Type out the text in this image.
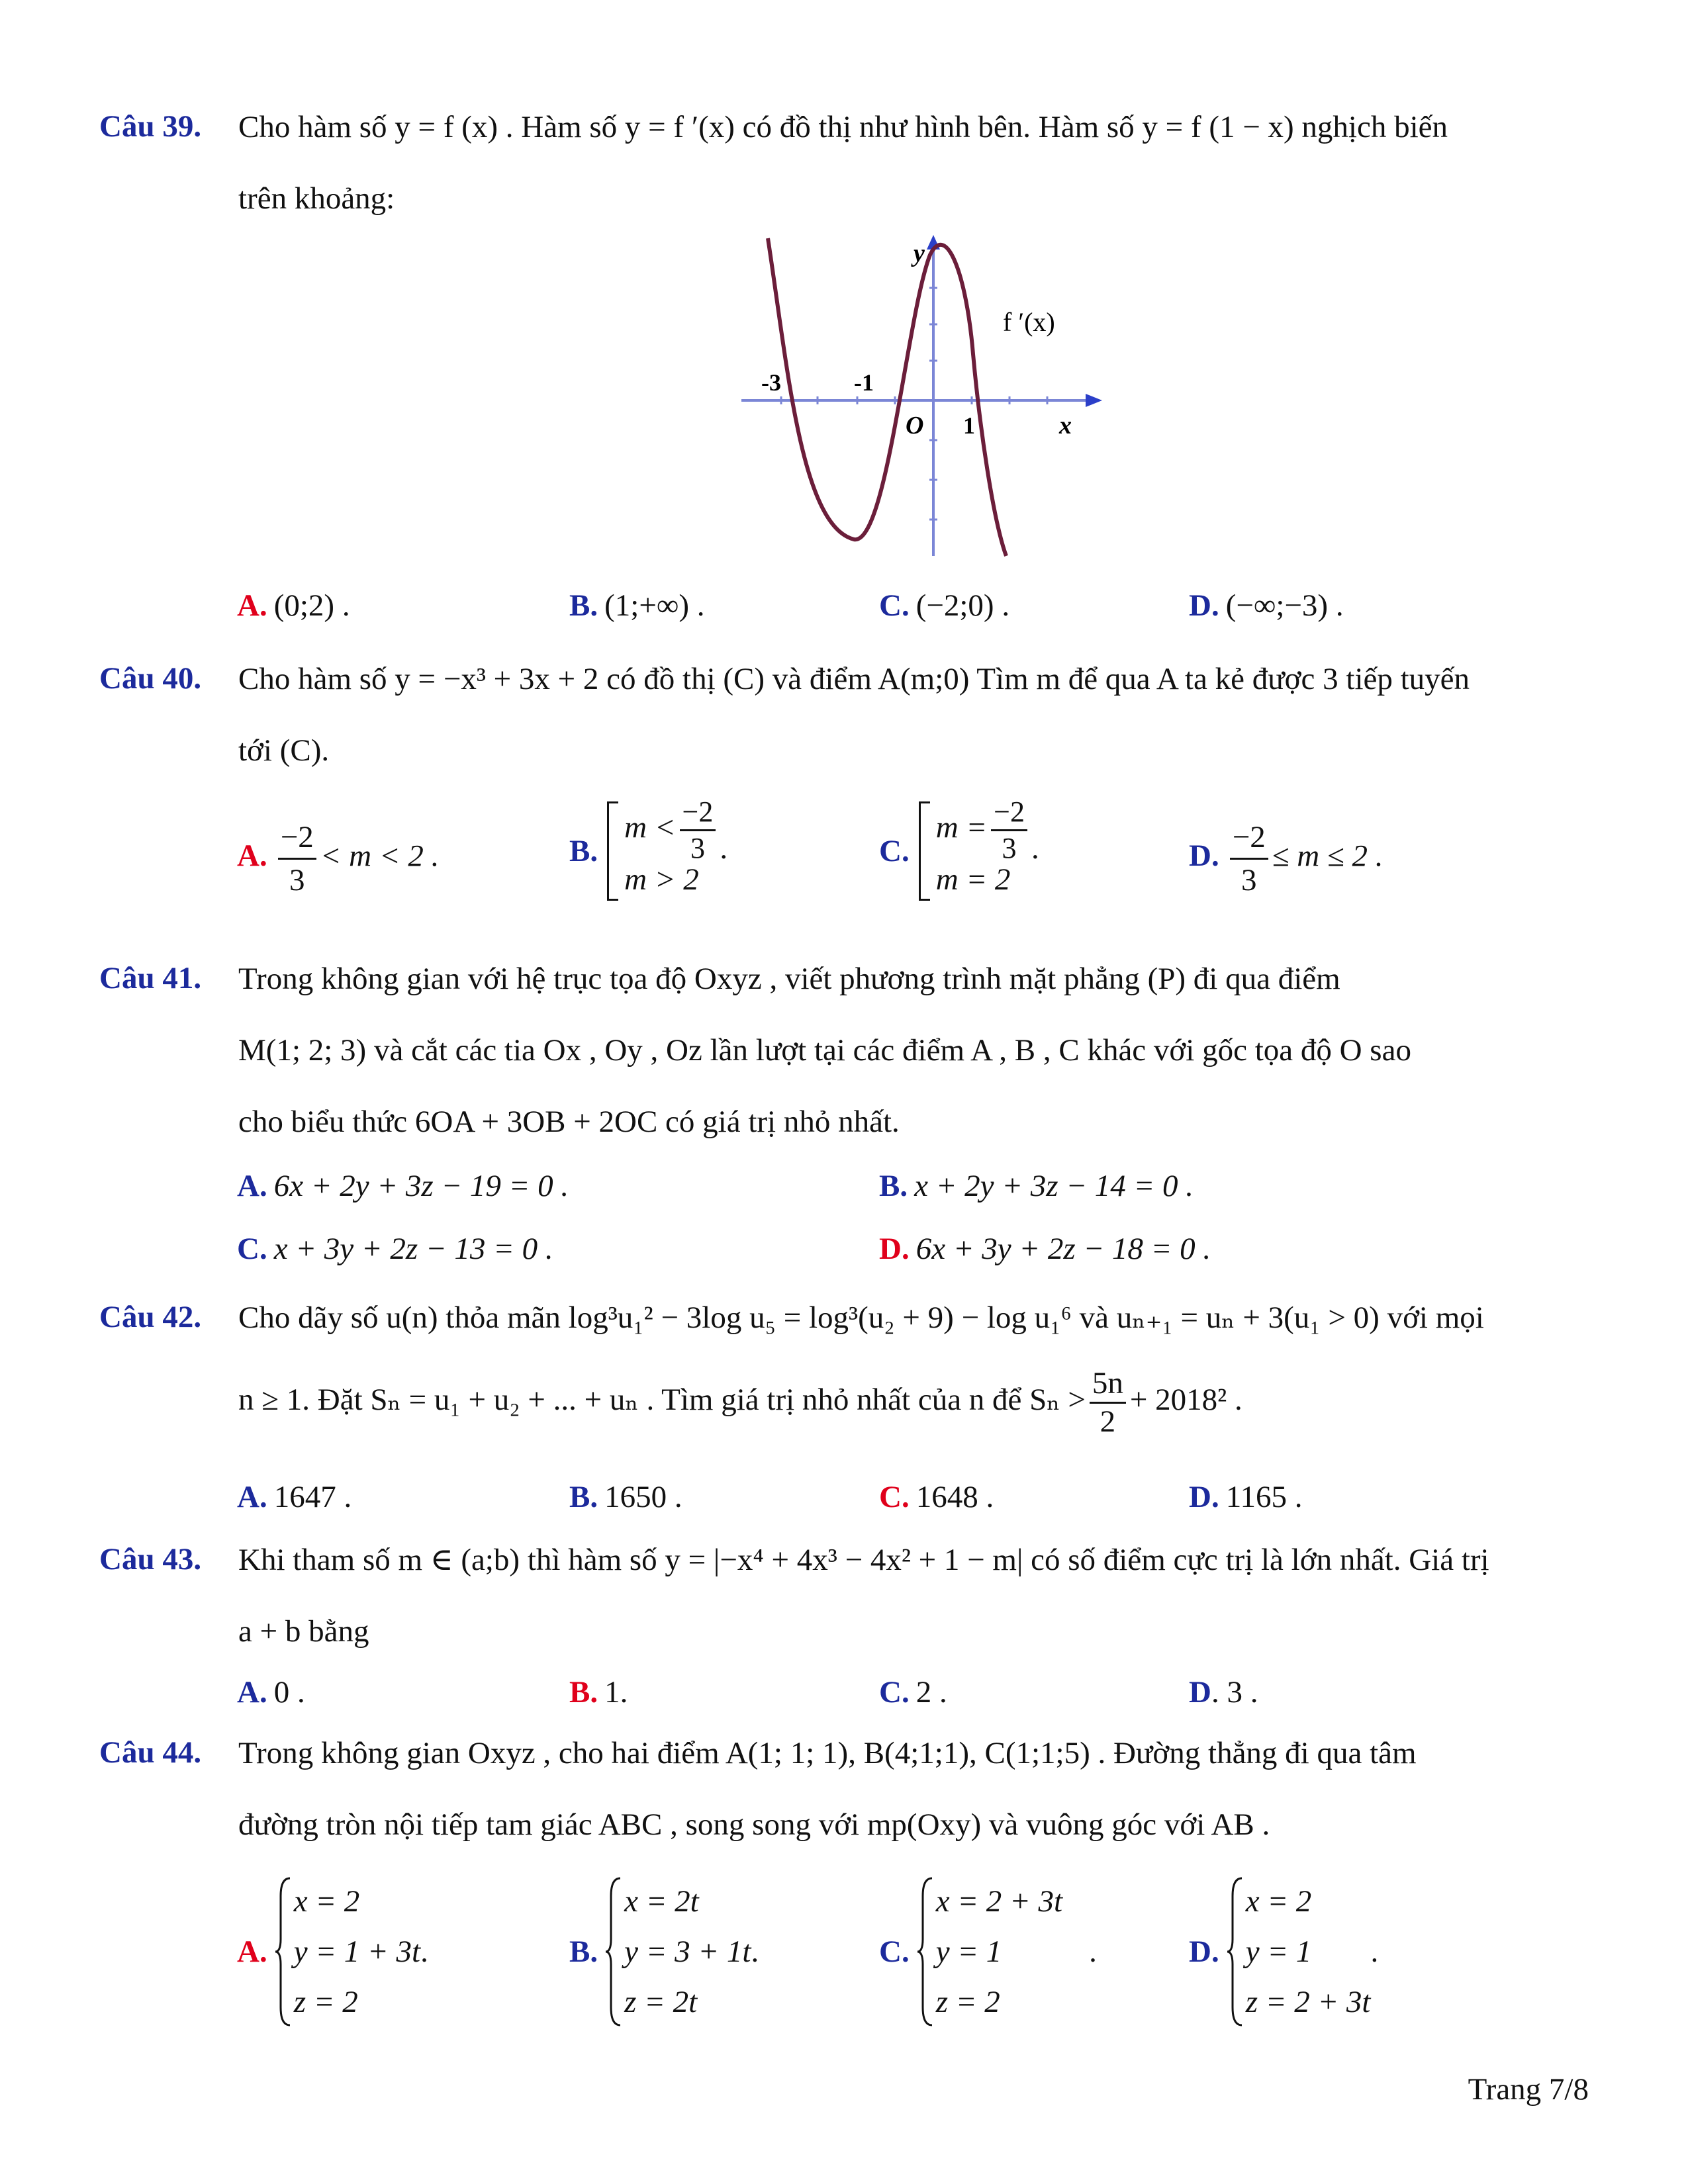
Câu 39. Cho hàm số y = f (x) . Hàm số y = f ′(x) có đồ thị như hình bên. Hàm số y = f (1 − x) nghịch biến
trên khoảng:
y
f ′(x)
-3	-1
O 1	x
A. (0;2) .	B. (1;+∞) .	C. (−2;0) .	D. (−∞;−3) .
Câu 40. Cho hàm số y = −x³ + 3x + 2 có đồ thị (C) và điểm A(m;0) Tìm m để qua A ta kẻ được 3 tiếp tuyến
tới (C).
A. $\frac{-2}{3} < m < 2$ .	B.
$m < \frac{-2}{3}$
m > 2
.	C.
$m = \frac{-2}{3}$
m = 2
.	D. $\frac{-2}{3} \le m \le 2$ .
Câu 41. Trong không gian với hệ trục tọa độ Oxyz , viết phương trình mặt phẳng (P) đi qua điểm
M(1; 2; 3) và cắt các tia Ox , Oy , Oz lần lượt tại các điểm A , B , C khác với gốc tọa độ O sao
cho biểu thức 6OA + 3OB + 2OC có giá trị nhỏ nhất.
A. 6x + 2y + 3z − 19 = 0 .	B. x + 2y + 3z − 14 = 0 .
C. x + 3y + 2z − 13 = 0 .	D. 6x + 3y + 2z − 18 = 0 .
Câu 42. Cho dãy số u(n) thỏa mãn log³u₁² − 3log u₅ = log³(u₂ + 9) − log u₁⁶ và uₙ₊₁ = uₙ + 3(u₁ > 0) với mọi
n ≥ 1. Đặt Sₙ = u₁ + u₂ + ... + uₙ . Tìm giá trị nhỏ nhất của n để $S_n > \frac{5n}{2} + 2018^2$ .
A. 1647 .	B. 1650 .	C. 1648 .	D. 1165 .
Câu 43. Khi tham số m ∈ (a;b) thì hàm số y = |−x⁴ + 4x³ − 4x² + 1 − m| có số điểm cực trị là lớn nhất. Giá trị
a + b bằng
A. 0 .	B. 1.	C. 2 .	D. 3 .
Câu 44. Trong không gian Oxyz , cho hai điểm A(1; 1; 1), B(4;1;1), C(1;1;5) . Đường thẳng đi qua tâm
đường tròn nội tiếp tam giác ABC , song song với mp(Oxy) và vuông góc với AB .
A.
x = 2
y = 1 + 3t
z = 2
.	B.
x = 2t
y = 3 + 1t
z = 2t
.	C.
x = 2 + 3t
y = 1
z = 2
.	D.
x = 2
y = 1
z = 2 + 3t
.
Trang 7/8
